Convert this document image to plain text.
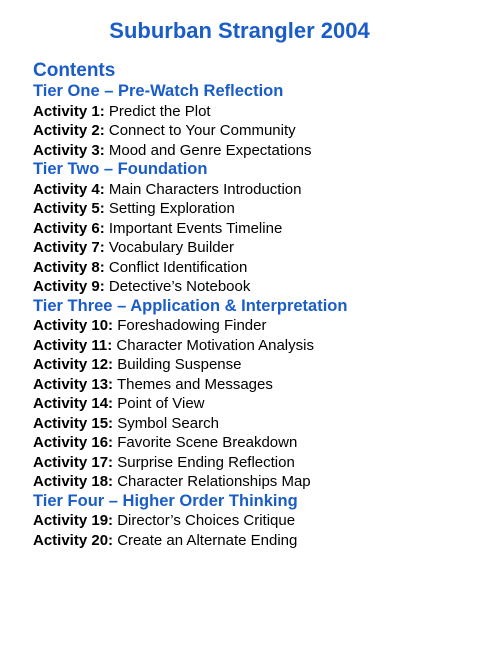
Suburban Strangler 2004
Contents
Tier One – Pre-Watch Reflection
Activity 1: Predict the Plot
Activity 2: Connect to Your Community
Activity 3: Mood and Genre Expectations
Tier Two – Foundation
Activity 4: Main Characters Introduction
Activity 5: Setting Exploration
Activity 6: Important Events Timeline
Activity 7: Vocabulary Builder
Activity 8: Conflict Identification
Activity 9: Detective’s Notebook
Tier Three – Application & Interpretation
Activity 10: Foreshadowing Finder
Activity 11: Character Motivation Analysis
Activity 12: Building Suspense
Activity 13: Themes and Messages
Activity 14: Point of View
Activity 15: Symbol Search
Activity 16: Favorite Scene Breakdown
Activity 17: Surprise Ending Reflection
Activity 18: Character Relationships Map
Tier Four – Higher Order Thinking
Activity 19: Director’s Choices Critique
Activity 20: Create an Alternate Ending
